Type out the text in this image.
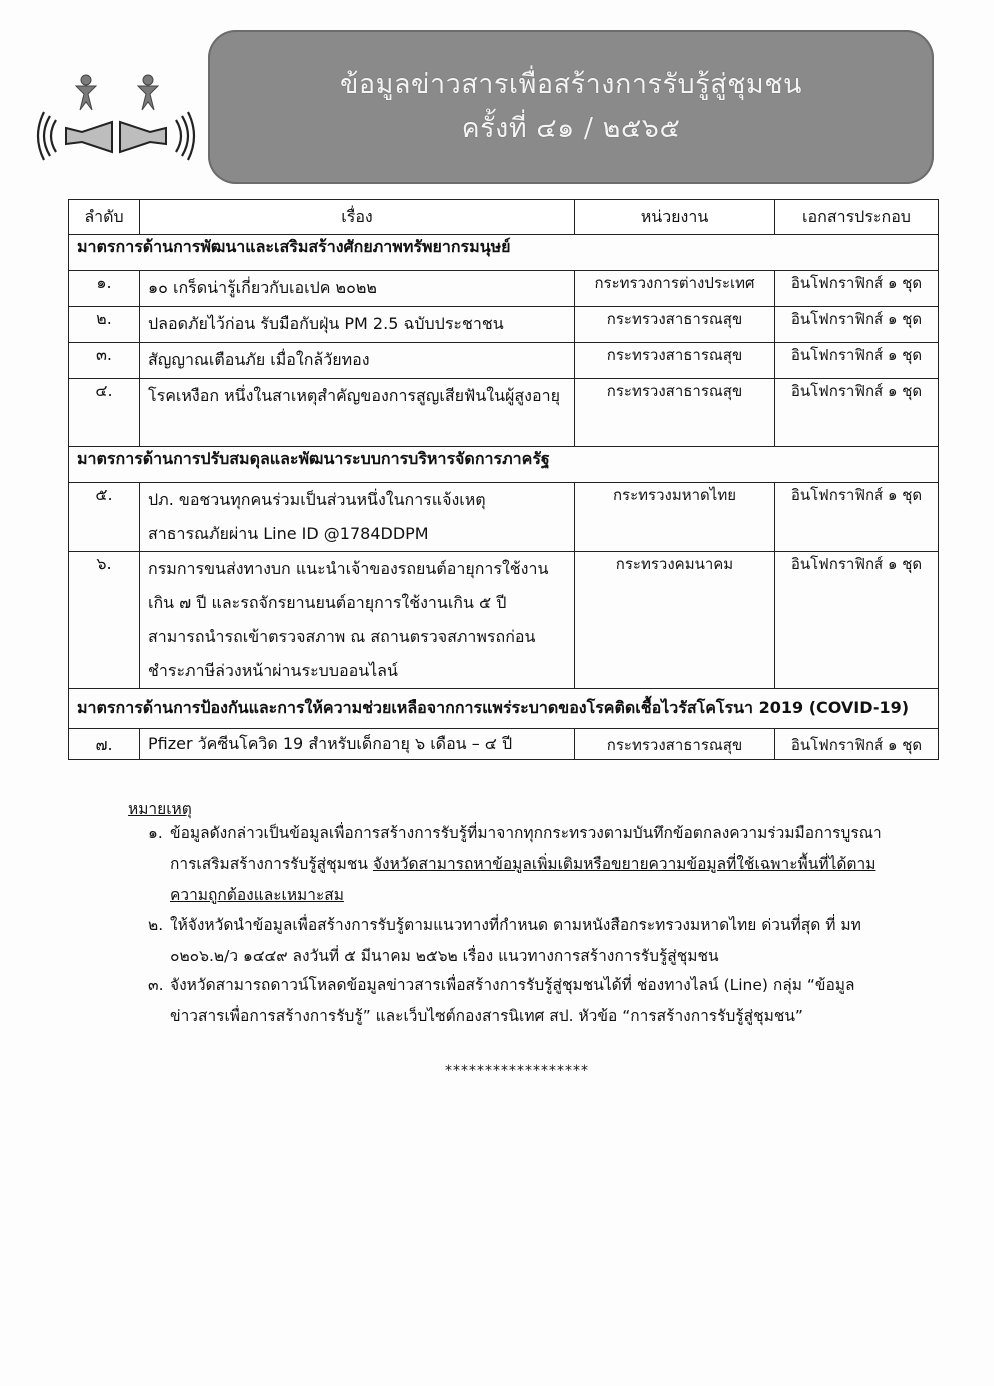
ข้อมูลข่าวสารเพื่อสร้างการรับรู้สู่ชุมชน
ครั้งที่ ๔๑ / ๒๕๖๕
ลำดับ	เรื่อง	หน่วยงาน	เอกสารประกอบ
มาตรการด้านการพัฒนาและเสริมสร้างศักยภาพทรัพยากรมนุษย์			
๑.	๑๐ เกร็ดน่ารู้เกี่ยวกับเอเปค ๒๐๒๒	กระทรวงการต่างประเทศ	อินโฟกราฟิกส์ ๑ ชุด
๒.	ปลอดภัยไว้ก่อน รับมือกับฝุ่น PM 2.5 ฉบับประชาชน	กระทรวงสาธารณสุข	อินโฟกราฟิกส์ ๑ ชุด
๓.	สัญญาณเตือนภัย เมื่อใกล้วัยทอง	กระทรวงสาธารณสุข	อินโฟกราฟิกส์ ๑ ชุด
๔.	โรคเหงือก หนึ่งในสาเหตุสำคัญของการสูญเสียฟันในผู้สูงอายุ	กระทรวงสาธารณสุข	อินโฟกราฟิกส์ ๑ ชุด
มาตรการด้านการปรับสมดุลและพัฒนาระบบการบริหารจัดการภาครัฐ			
๕.	ปภ. ขอชวนทุกคนร่วมเป็นส่วนหนึ่งในการแจ้งเหตุสาธารณภัยผ่าน Line ID @1784DDPM	กระทรวงมหาดไทย	อินโฟกราฟิกส์ ๑ ชุด
๖.	กรมการขนส่งทางบก แนะนำเจ้าของรถยนต์อายุการใช้งานเกิน ๗ ปี และรถจักรยานยนต์อายุการใช้งานเกิน ๕ ปี สามารถนำรถเข้าตรวจสภาพ ณ สถานตรวจสภาพรถก่อนชำระภาษีล่วงหน้าผ่านระบบออนไลน์	กระทรวงคมนาคม	อินโฟกราฟิกส์ ๑ ชุด
มาตรการด้านการป้องกันและการให้ความช่วยเหลือจากการแพร่ระบาดของโรคติดเชื้อไวรัสโคโรนา 2019 (COVID-19)			
๗.	Pfizer วัคซีนโควิด 19 สำหรับเด็กอายุ ๖ เดือน – ๔ ปี	กระทรวงสาธารณสุข	อินโฟกราฟิกส์ ๑ ชุด
หมายเหตุ
๑. ข้อมูลดังกล่าวเป็นข้อมูลเพื่อการสร้างการรับรู้ที่มาจากทุกกระทรวงตามบันทึกข้อตกลงความร่วมมือการบูรณาการเสริมสร้างการรับรู้สู่ชุมชน จังหวัดสามารถหาข้อมูลเพิ่มเติมหรือขยายความข้อมูลที่ใช้เฉพาะพื้นที่ได้ตามความถูกต้องและเหมาะสม
๒. ให้จังหวัดนำข้อมูลเพื่อสร้างการรับรู้ตามแนวทางที่กำหนด ตามหนังสือกระทรวงมหาดไทย ด่วนที่สุด ที่ มท ๐๒๐๖.๒/ว ๑๔๔๙ ลงวันที่ ๕ มีนาคม ๒๕๖๒ เรื่อง แนวทางการสร้างการรับรู้สู่ชุมชน
๓. จังหวัดสามารถดาวน์โหลดข้อมูลข่าวสารเพื่อสร้างการรับรู้สู่ชุมชนได้ที่ ช่องทางไลน์ (Line) กลุ่ม “ข้อมูลข่าวสารเพื่อการสร้างการรับรู้” และเว็บไซต์กองสารนิเทศ สป. หัวข้อ “การสร้างการรับรู้สู่ชุมชน”
******************
